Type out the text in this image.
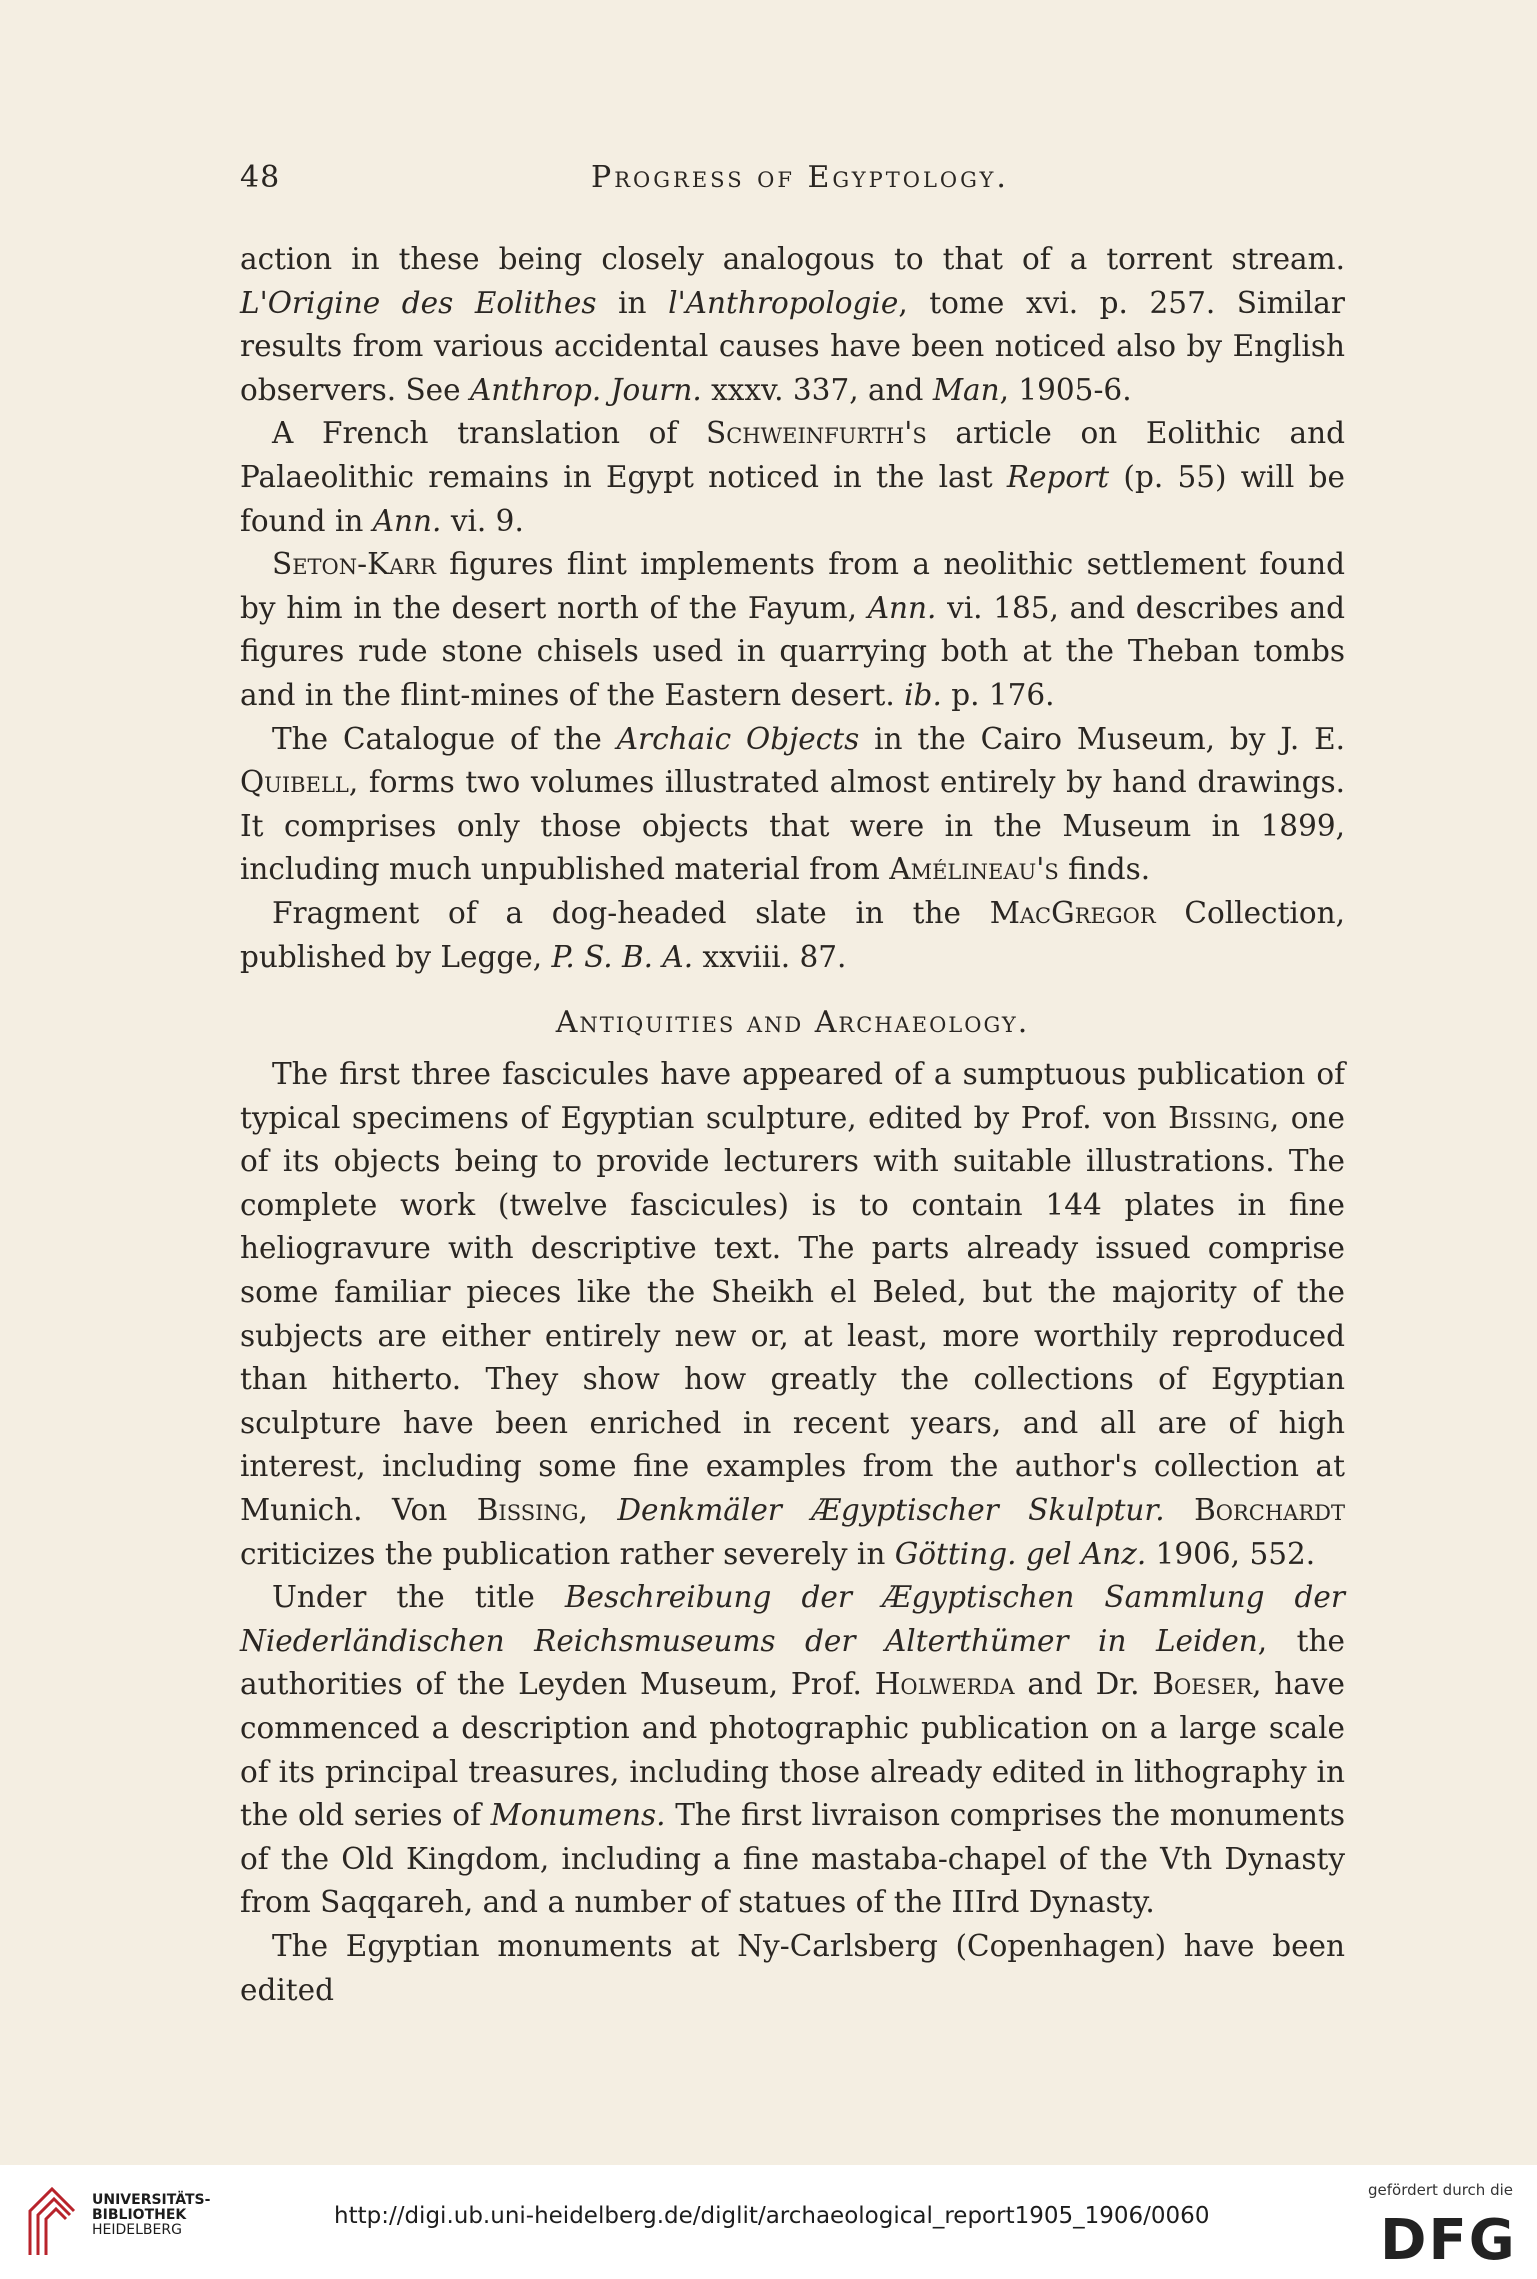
48	Progress of Egyptology.

action in these being closely analogous to that of a torrent stream. L'Origine des Eolithes in l'Anthropologie, tome xvi. p. 257. Similar results from various accidental causes have been noticed also by English observers. See Anthrop. Journ. xxxv. 337, and Man, 1905-6.

A French translation of Schweinfurth's article on Eolithic and Palaeolithic remains in Egypt noticed in the last Report (p. 55) will be found in Ann. vi. 9.

Seton-Karr figures flint implements from a neolithic settlement found by him in the desert north of the Fayum, Ann. vi. 185, and describes and figures rude stone chisels used in quarrying both at the Theban tombs and in the flint-mines of the Eastern desert. ib. p. 176.

The Catalogue of the Archaic Objects in the Cairo Museum, by J. E. Quibell, forms two volumes illustrated almost entirely by hand drawings. It comprises only those objects that were in the Museum in 1899, including much unpublished material from Amélineau's finds.

Fragment of a dog-headed slate in the MacGregor Collection, published by Legge, P. S. B. A. xxviii. 87.

Antiquities and Archaeology.

The first three fascicules have appeared of a sumptuous publication of typical specimens of Egyptian sculpture, edited by Prof. von Bissing, one of its objects being to provide lecturers with suitable illustrations. The complete work (twelve fascicules) is to contain 144 plates in fine heliogravure with descriptive text. The parts already issued comprise some familiar pieces like the Sheikh el Beled, but the majority of the subjects are either entirely new or, at least, more worthily reproduced than hitherto. They show how greatly the collections of Egyptian sculpture have been enriched in recent years, and all are of high interest, including some fine examples from the author's collection at Munich. Von Bissing, Denkmäler Ægyptischer Skulptur. Borchardt criticizes the publication rather severely in Götting. gel Anz. 1906, 552.

Under the title Beschreibung der Ægyptischen Sammlung der Niederländischen Reichsmuseums der Alterthümer in Leiden, the authorities of the Leyden Museum, Prof. Holwerda and Dr. Boeser, have commenced a description and photographic publication on a large scale of its principal treasures, including those already edited in lithography in the old series of Monumens. The first livraison comprises the monuments of the Old Kingdom, including a fine mastaba-chapel of the Vth Dynasty from Saqqareh, and a number of statues of the IIIrd Dynasty.

The Egyptian monuments at Ny-Carlsberg (Copenhagen) have been edited

UNIVERSITÄTS-
BIBLIOTHEK
HEIDELBERG
http://digi.ub.uni-heidelberg.de/diglit/archaeological_report1905_1906/0060
gefördert durch die
DFG
